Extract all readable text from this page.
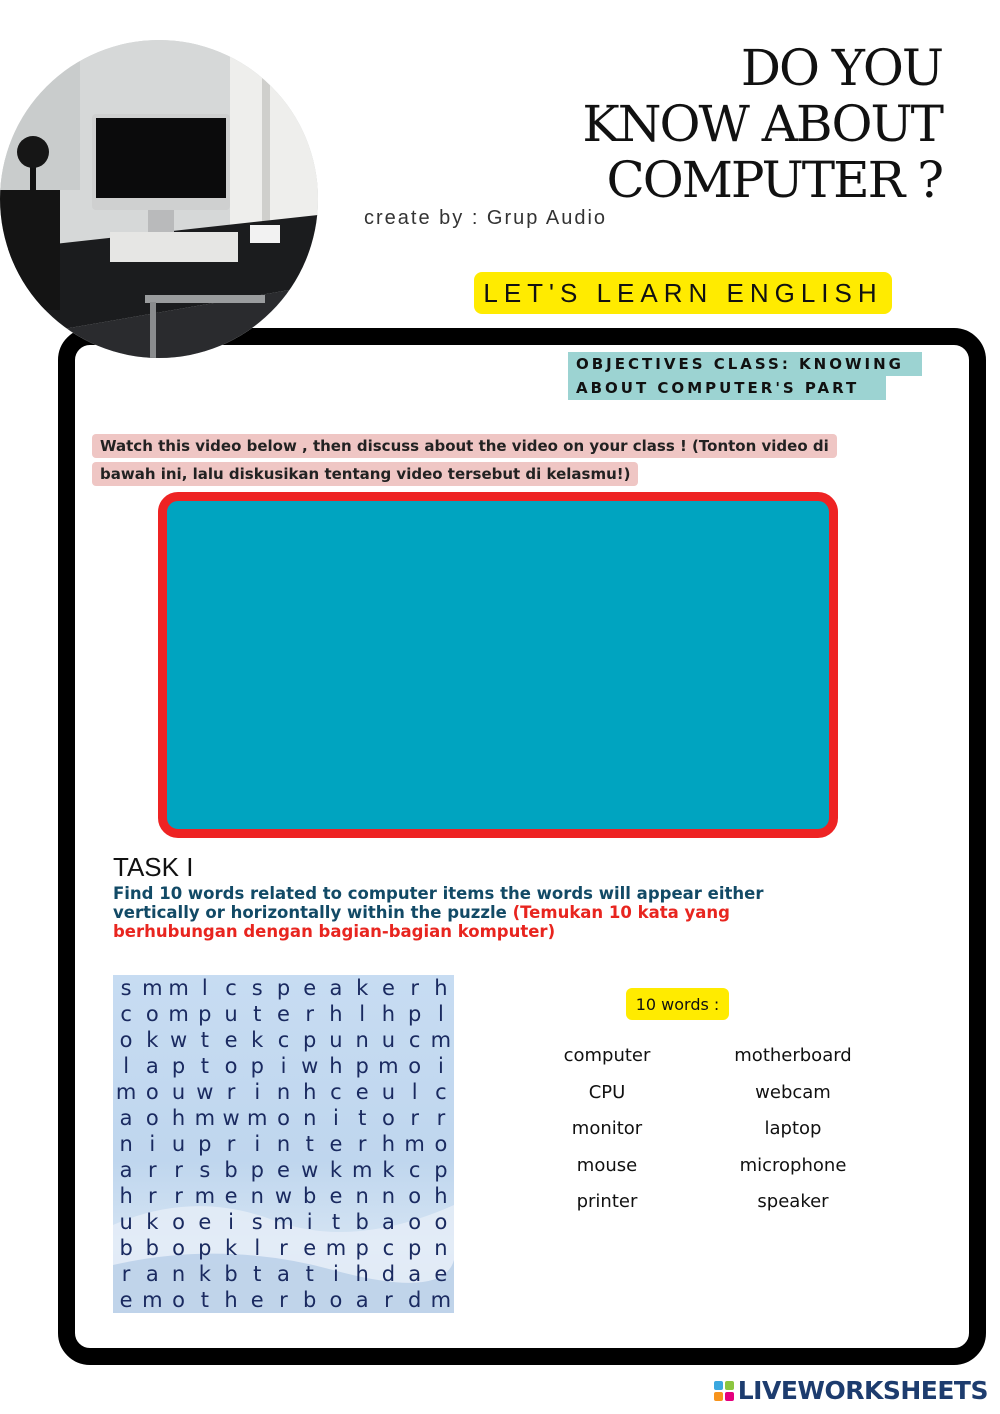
DO YOU
KNOW ABOUT
COMPUTER ?
create by : Grup Audio
LET'S LEARN ENGLISH
OBJECTIVES CLASS: KNOWING
ABOUT COMPUTER'S PART
Watch this video below , then discuss about the video on your class ! (Tonton video di bawah ini, lalu diskusikan tentang video tersebut di kelasmu!)
TASK I
Find 10 words related to computer items the words will appear either vertically or horizontally within the puzzle (Temukan 10 kata yang berhubungan dengan bagian-bagian komputer)
s m m l c s p e a k e r h
c o m p u t e r h l h p l
o k w t e k c p u n u c m
l a p t o p i w h p m o i
m o u w r i n h c e u l c
a o h m w m o n i t o r r
n i u p r i n t e r h m o
a r r s b p e w k m k c p
h r r m e n w b e n n o h
u k o e i s m i t b a o o
b b o p k l r e m p c p n
r a n k b t a t i h d a e
e m o t h e r b o a r d m
10 words :
computer
CPU
monitor
mouse
printer
motherboard
webcam
laptop
microphone
speaker
LIVEWORKSHEETS
